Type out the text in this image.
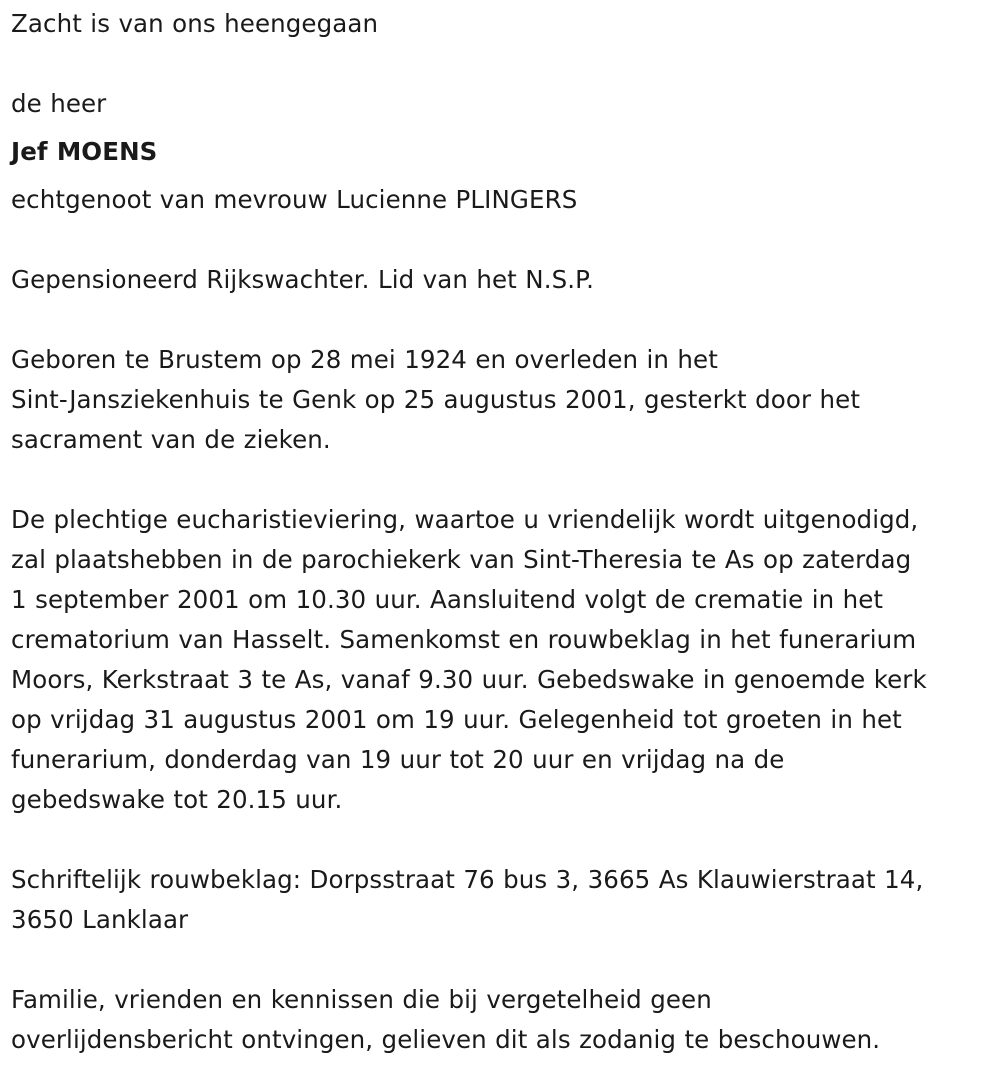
Zacht is van ons heengegaan

de heer

Jef MOENS

echtgenoot van mevrouw Lucienne PLINGERS

Gepensioneerd Rijkswachter. Lid van het N.S.P.

Geboren te Brustem op 28 mei 1924 en overleden in het

Sint-Jansziekenhuis te Genk op 25 augustus 2001, gesterkt door het

sacrament van de zieken.

De plechtige eucharistieviering, waartoe u vriendelijk wordt uitgenodigd,

zal plaatshebben in de parochiekerk van Sint-Theresia te As op zaterdag

1 september 2001 om 10.30 uur. Aansluitend volgt de crematie in het

crematorium van Hasselt. Samenkomst en rouwbeklag in het funerarium

Moors, Kerkstraat 3 te As, vanaf 9.30 uur. Gebedswake in genoemde kerk

op vrijdag 31 augustus 2001 om 19 uur. Gelegenheid tot groeten in het

funerarium, donderdag van 19 uur tot 20 uur en vrijdag na de

gebedswake tot 20.15 uur.

Schriftelijk rouwbeklag: Dorpsstraat 76 bus 3, 3665 As Klauwierstraat 14,

3650 Lanklaar

Familie, vrienden en kennissen die bij vergetelheid geen

overlijdensbericht ontvingen, gelieven dit als zodanig te beschouwen.
